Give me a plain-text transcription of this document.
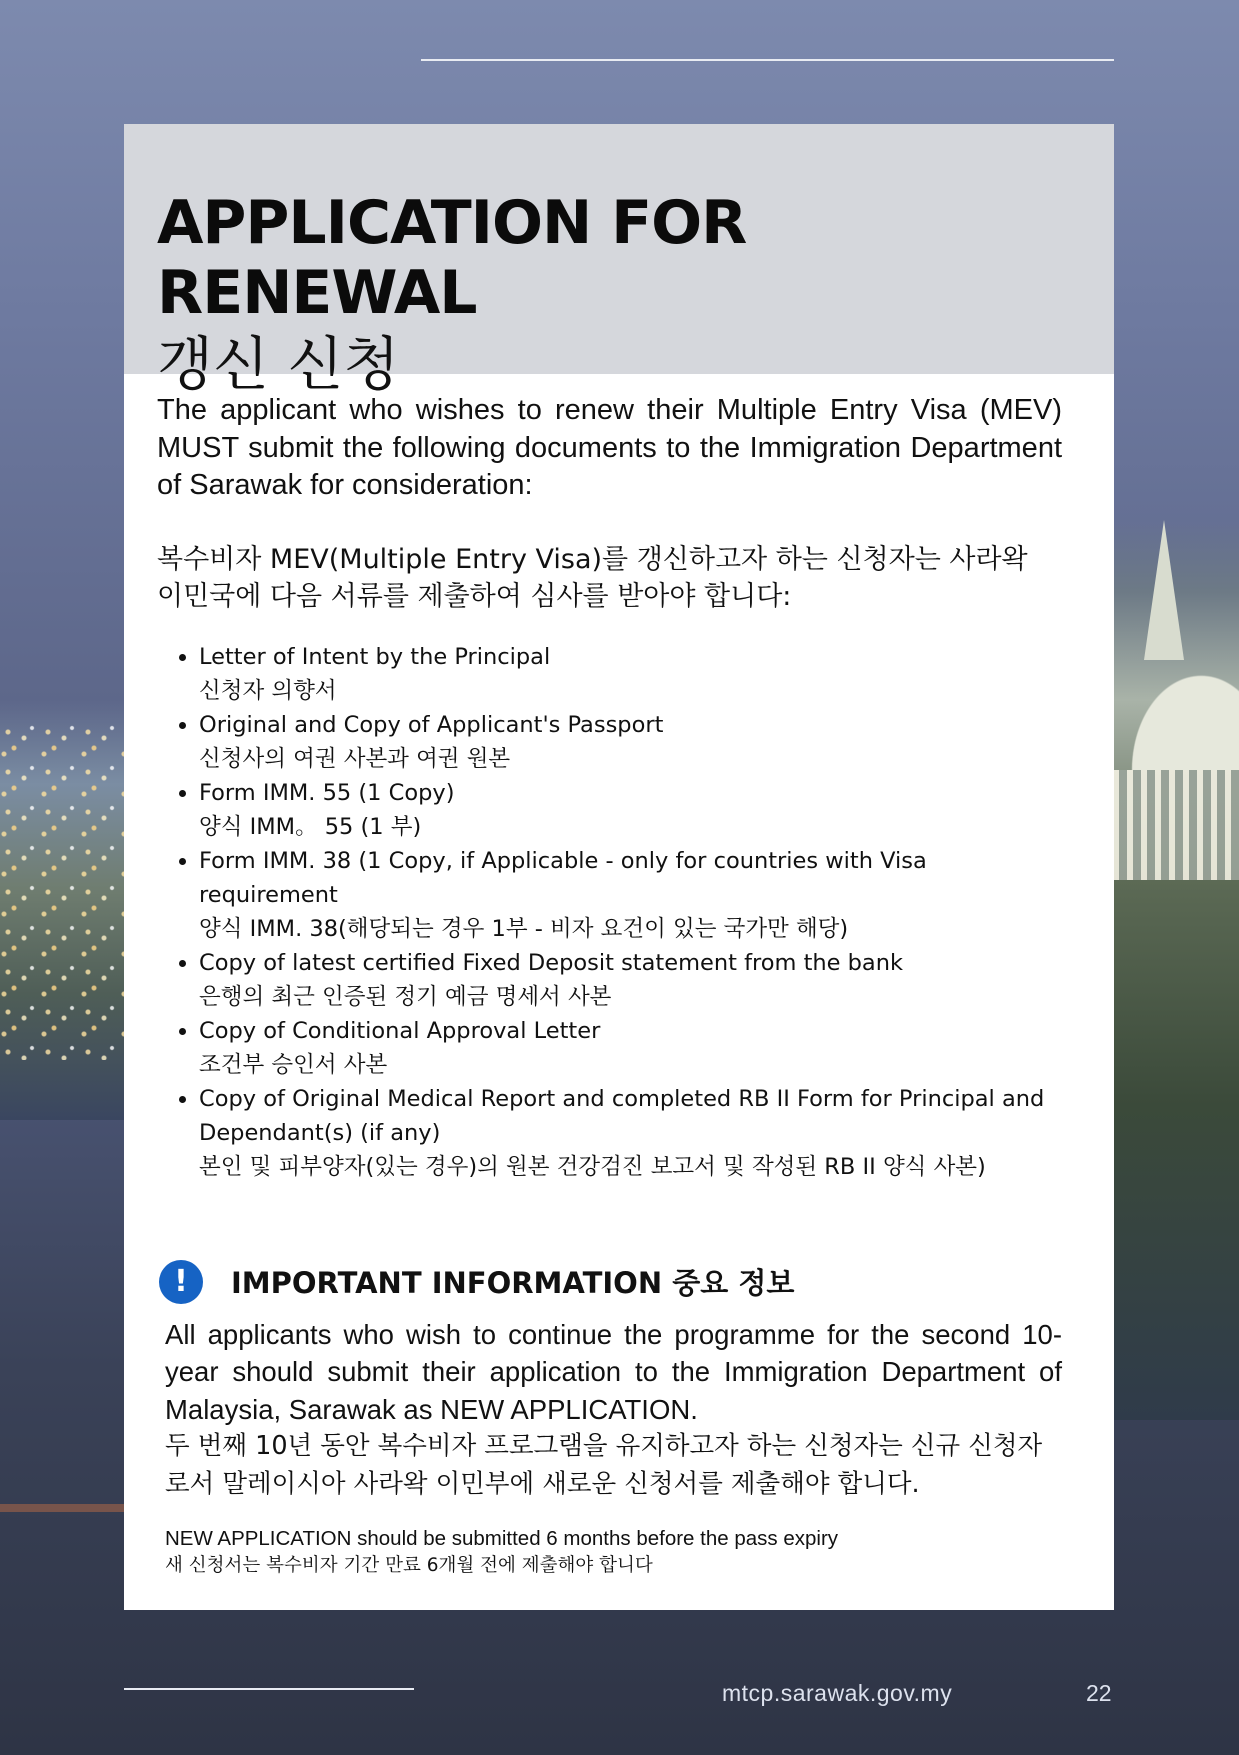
APPLICATION FOR RENEWAL
갱신 신청

The applicant who wishes to renew their Multiple Entry Visa (MEV) MUST submit the following documents to the Immigration Department of Sarawak for consideration:

복수비자 MEV(Multiple Entry Visa)를 갱신하고자 하는 신청자는 사라왁 이민국에 다음 서류를 제출하여 심사를 받아야 합니다:

• Letter of Intent by the Principal
신청자 의향서
• Original and Copy of Applicant's Passport
신청사의 여권 사본과 여권 원본
• Form IMM. 55 (1 Copy)
양식 IMM。 55 (1 부)
• Form IMM. 38 (1 Copy, if Applicable - only for countries with Visa requirement
양식 IMM. 38(해당되는 경우 1부 - 비자 요건이 있는 국가만 해당)
• Copy of latest certified Fixed Deposit statement from the bank
은행의 최근 인증된 정기 예금 명세서 사본
• Copy of Conditional Approval Letter
조건부 승인서 사본
• Copy of Original Medical Report and completed RB II Form for Principal and Dependant(s) (if any)
본인 및 피부양자(있는 경우)의 원본 건강검진 보고서 및 작성된 RB II 양식 사본)
!	IMPORTANT INFORMATION 중요 정보

All applicants who wish to continue the programme for the second 10-year should submit their application to the Immigration Department of Malaysia, Sarawak as NEW APPLICATION.

두 번째 10년 동안 복수비자 프로그램을 유지하고자 하는 신청자는 신규 신청자로서 말레이시아 사라왁 이민부에 새로운 신청서를 제출해야 합니다.

NEW APPLICATION should be submitted 6 months before the pass expiry

새 신청서는 복수비자 기간 만료 6개월 전에 제출해야 합니다

mtcp.sarawak.gov.my	22
